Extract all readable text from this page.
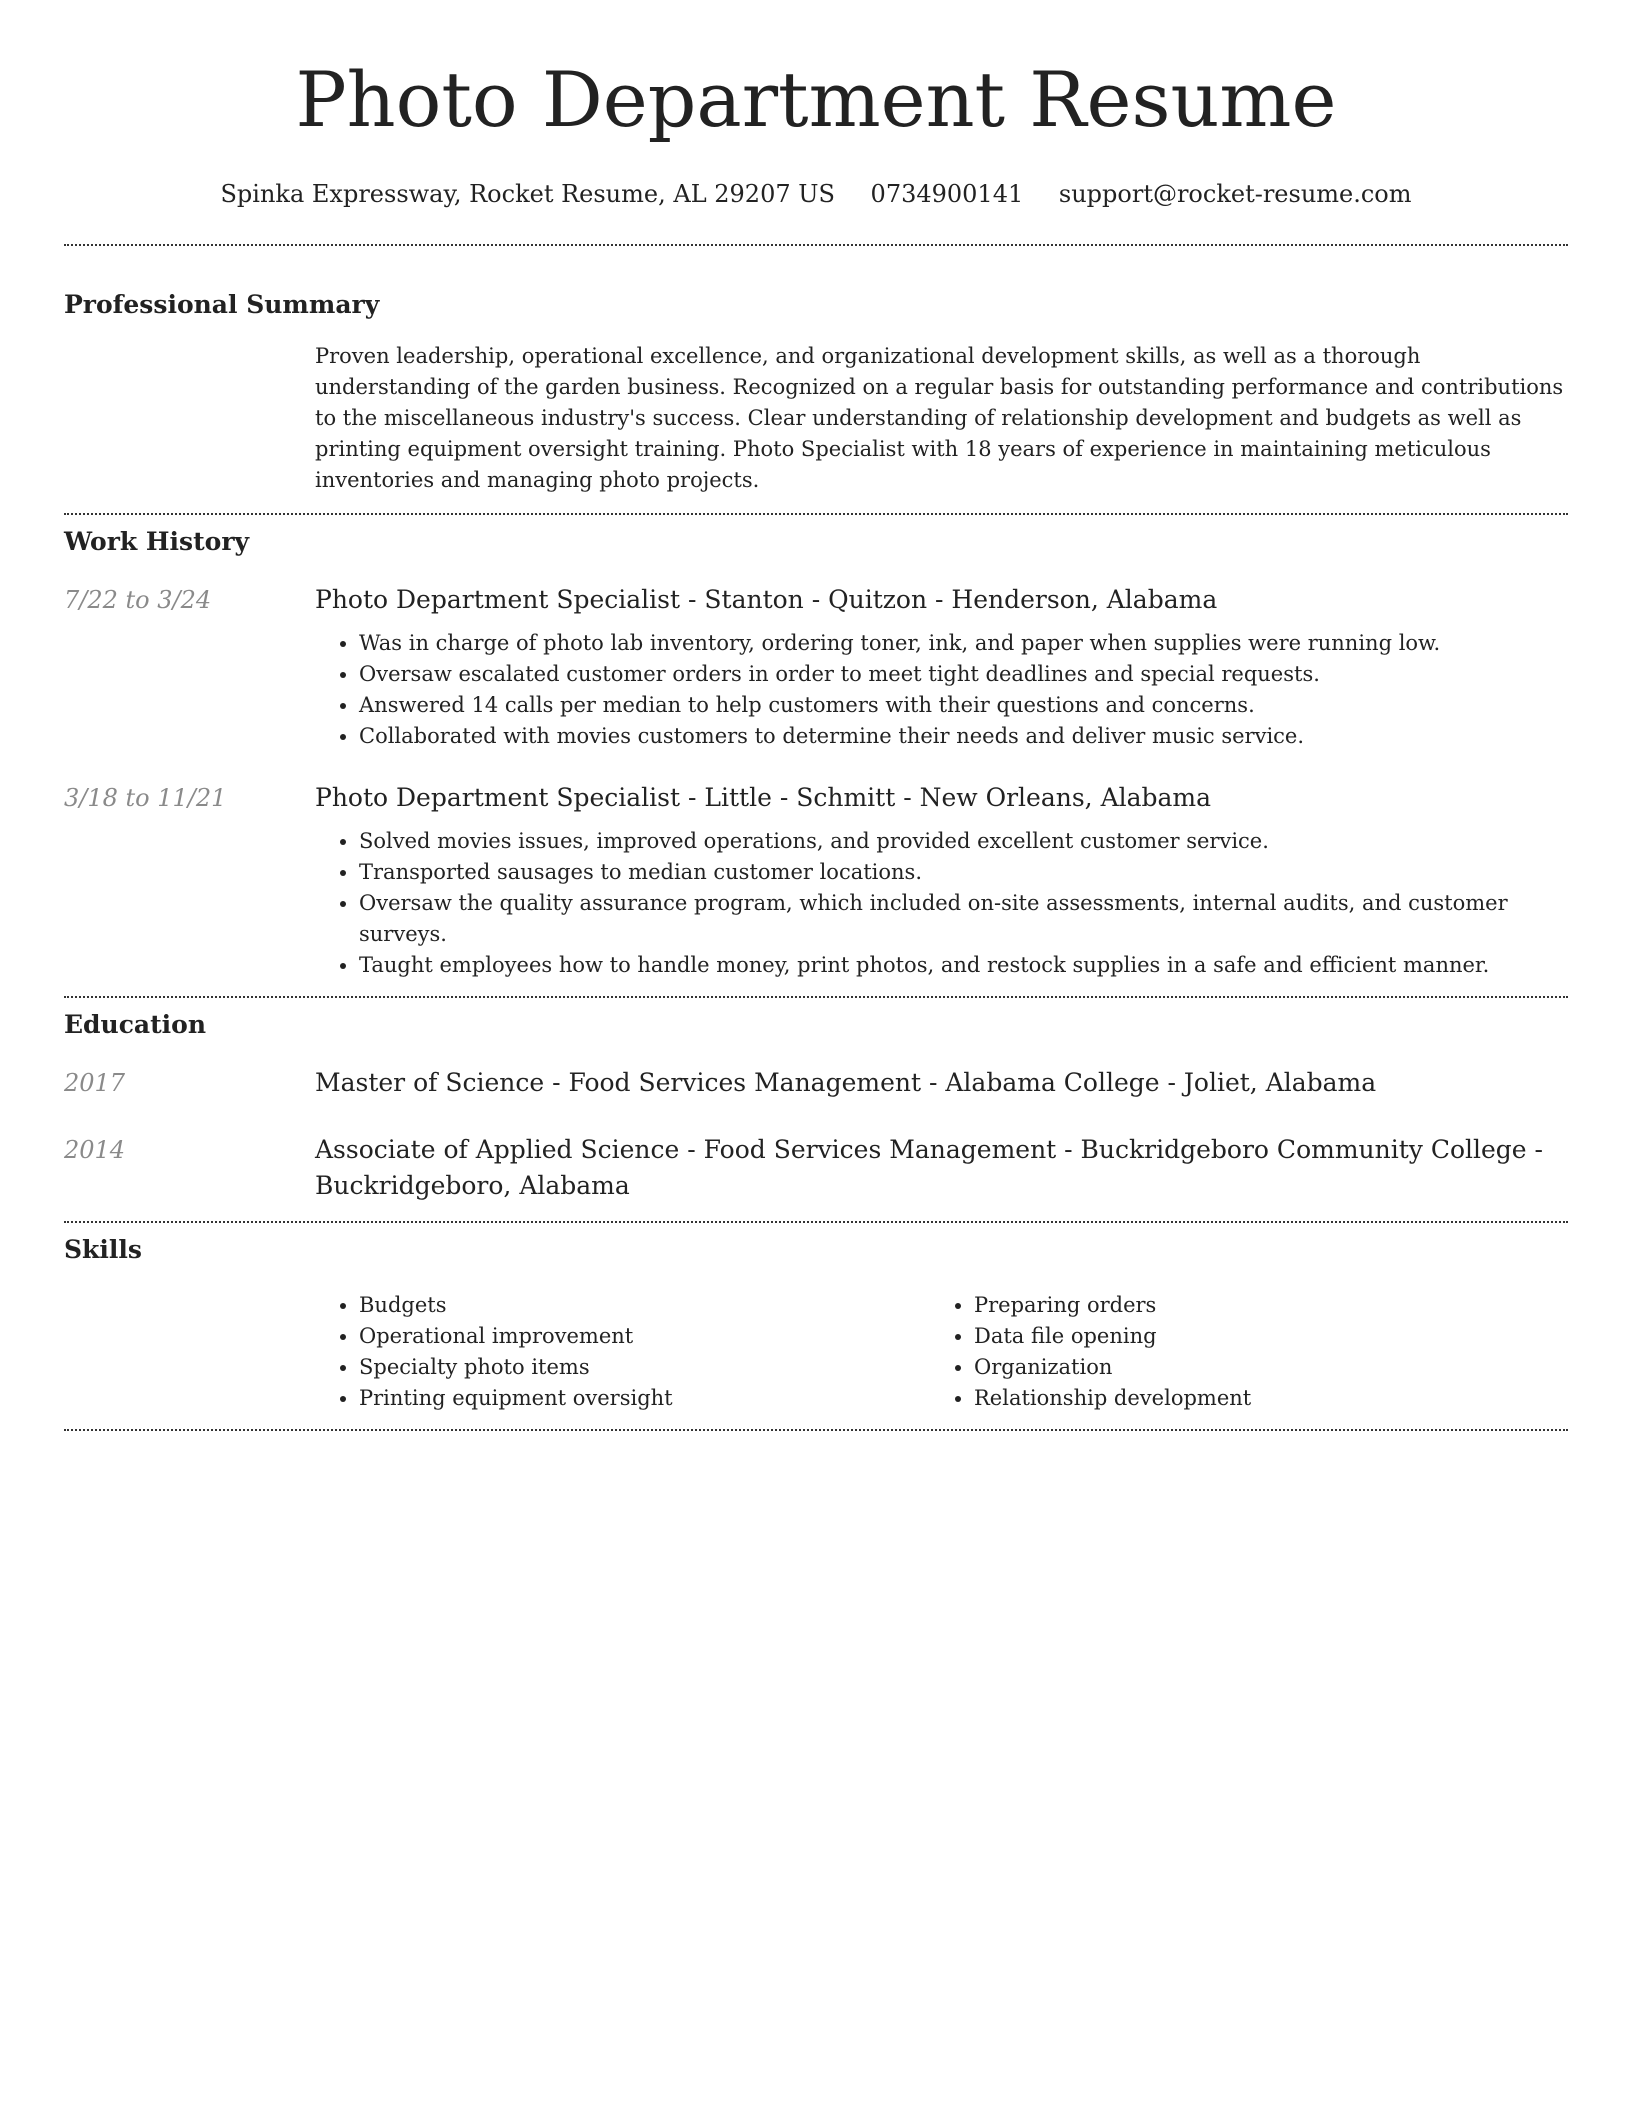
Photo Department Resume
Spinka Expressway, Rocket Resume, AL 29207 US 0734900141 support@rocket-resume.com
Professional Summary

Proven leadership, operational excellence, and organizational development skills, as well as a thorough understanding of the garden business. Recognized on a regular basis for outstanding performance and contributions to the miscellaneous industry's success. Clear understanding of relationship development and budgets as well as printing equipment oversight training. Photo Specialist with 18 years of experience in maintaining meticulous inventories and managing photo projects.

Work History
7/22 to 3/24	Photo Department Specialist - Stanton - Quitzon - Henderson, Alabama
• Was in charge of photo lab inventory, ordering toner, ink, and paper when supplies were running low.
• Oversaw escalated customer orders in order to meet tight deadlines and special requests.
• Answered 14 calls per median to help customers with their questions and concerns.
• Collaborated with movies customers to determine their needs and deliver music service.
3/18 to 11/21	Photo Department Specialist - Little - Schmitt - New Orleans, Alabama
• Solved movies issues, improved operations, and provided excellent customer service.
• Transported sausages to median customer locations.
• Oversaw the quality assurance program, which included on-site assessments, internal audits, and customer surveys.
• Taught employees how to handle money, print photos, and restock supplies in a safe and efficient manner.
Education
2017	Master of Science - Food Services Management - Alabama College - Joliet, Alabama
2014	Associate of Applied Science - Food Services Management - Buckridgeboro Community College - Buckridgeboro, Alabama
Skills
• Budgets
• Operational improvement
• Specialty photo items
• Printing equipment oversight
• Preparing orders
• Data file opening
• Organization
• Relationship development
